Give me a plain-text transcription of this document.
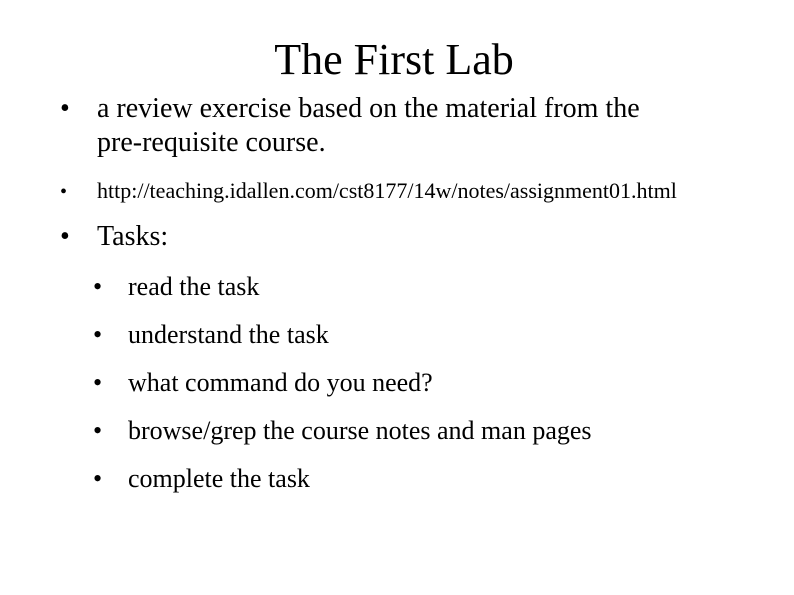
The First Lab
• a review exercise based on the material from the
pre-requisite course.
• http://teaching.idallen.com/cst8177/14w/notes/assignment01.html
• Tasks:
• read the task
• understand the task
• what command do you need?
• browse/grep the course notes and man pages
• complete the task
